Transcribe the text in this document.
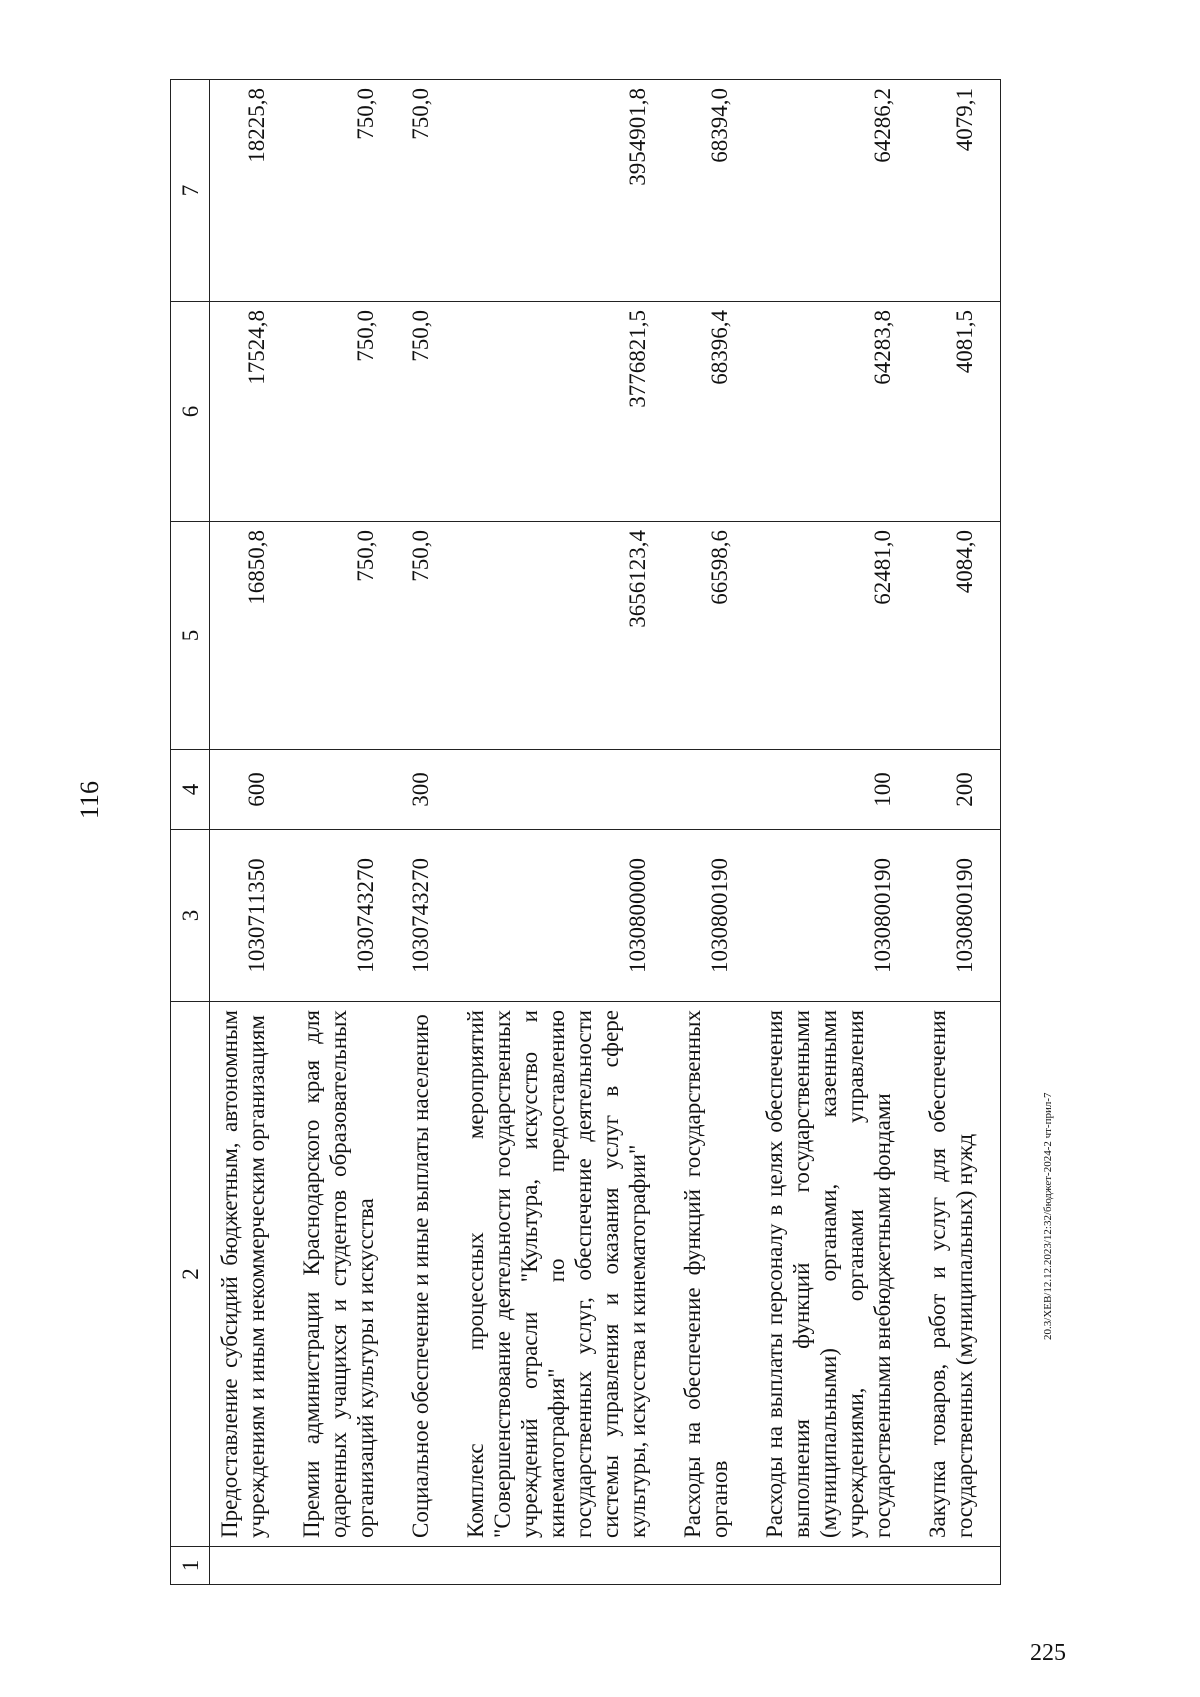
116
1	2	3	4	5	6	7
	Предоставление субсидий бюджетным, автономным учреждениям и иным некоммерческим организациям	1030711350	600	16850,8	17524,8	18225,8
	Премии администрации Краснодарского края для одаренных учащихся и студентов образовательных организаций культуры и искусства	1030743270		750,0	750,0	750,0
	Социальное обеспечение и иные выплаты населению	1030743270	300	750,0	750,0	750,0
	Комплекс процессных мероприятий "Совершенствование деятельности государственных учреждений отрасли "Культура, искусство и кинематография" по предоставлению государственных услуг, обеспечение деятельности системы управления и оказания услуг в сфере культуры, искусства и кинематографии"	1030800000		3656123,4	3776821,5	3954901,8
	Расходы на обеспечение функций государственных органов	1030800190		66598,6	68396,4	68394,0
	Расходы на выплаты персоналу в целях обеспечения выполнения функций государственными (муниципальными) органами, казенными учреждениями, органами управления государственными внебюджетными фондами	1030800190	100	62481,0	64283,8	64286,2
	Закупка товаров, работ и услуг для обеспечения государственных (муниципальных) нужд	1030800190	200	4084,0	4081,5	4079,1
20.3/XEB/12.12.2023/12:32/бюджет-2024-2 чт-прил-7
225
